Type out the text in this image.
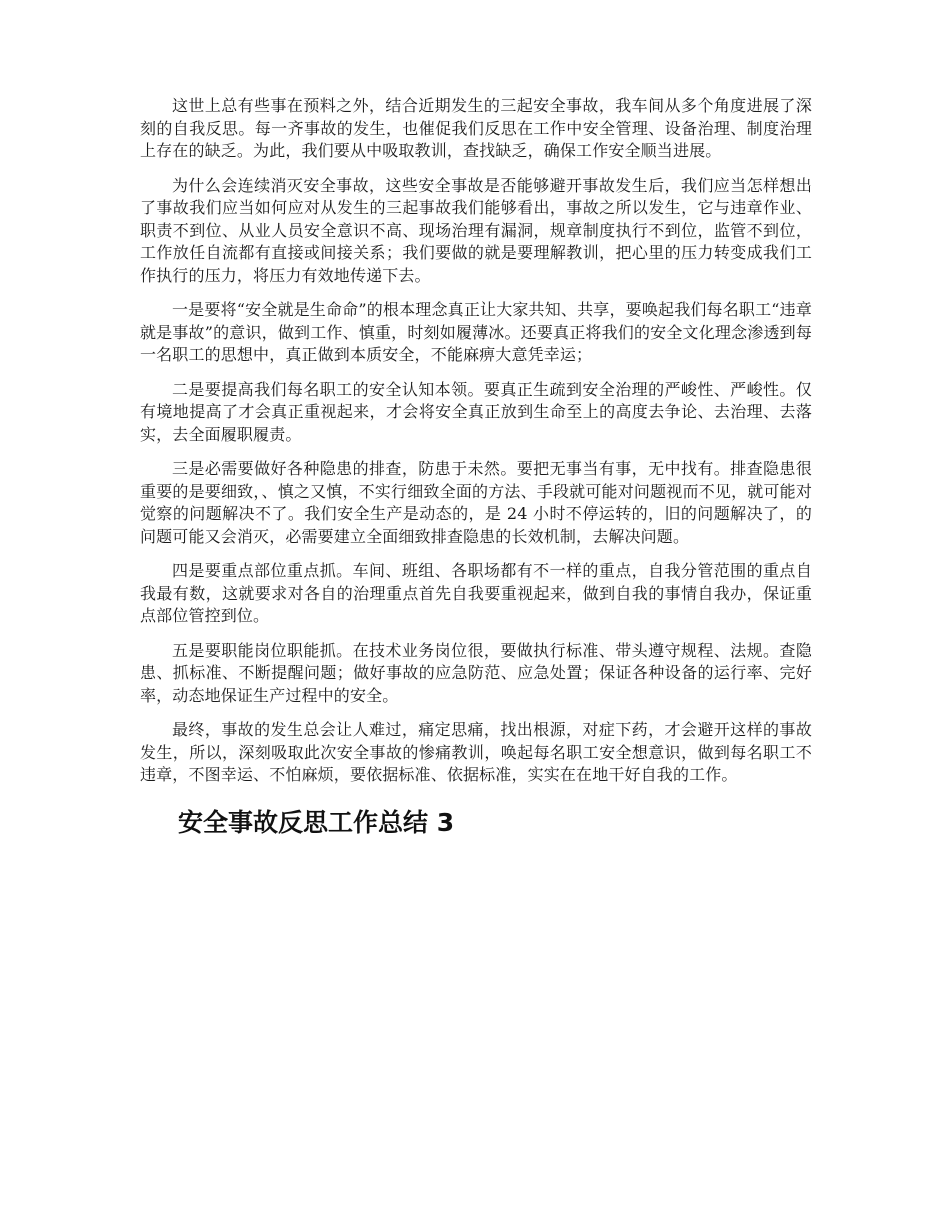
这世上总有些事在预料之外，结合近期发生的三起安全事故，我车间从多个角度进展了深刻的自我反思。每一齐事故的发生，也催促我们反思在工作中安全管理、设备治理、制度治理上存在的缺乏。为此，我们要从中吸取教训，查找缺乏，确保工作安全顺当进展。

为什么会连续消灭安全事故，这些安全事故是否能够避开事故发生后，我们应当怎样想出了事故我们应当如何应对从发生的三起事故我们能够看出，事故之所以发生，它与违章作业、职责不到位、从业人员安全意识不高、现场治理有漏洞，规章制度执行不到位，监管不到位，工作放任自流都有直接或间接关系；我们要做的就是要理解教训，把心里的压力转变成我们工作执行的压力，将压力有效地传递下去。

一是要将“安全就是生命命”的根本理念真正让大家共知、共享，要唤起我们每名职工“违章就是事故”的意识，做到工作、慎重，时刻如履薄冰。还要真正将我们的安全文化理念渗透到每一名职工的思想中，真正做到本质安全，不能麻痹大意凭幸运；

二是要提高我们每名职工的安全认知本领。要真正生疏到安全治理的严峻性、严峻性。仅有境地提高了才会真正重视起来，才会将安全真正放到生命至上的高度去争论、去治理、去落实，去全面履职履责。

三是必需要做好各种隐患的排查，防患于未然。要把无事当有事，无中找有。排查隐患很重要的是要细致，、慎之又慎，不实行细致全面的方法、手段就可能对问题视而不见，就可能对觉察的问题解决不了。我们安全生产是动态的，是 24 小时不停运转的，旧的问题解决了，的问题可能又会消灭，必需要建立全面细致排查隐患的长效机制，去解决问题。

四是要重点部位重点抓。车间、班组、各职场都有不一样的重点，自我分管范围的重点自我最有数，这就要求对各自的治理重点首先自我要重视起来，做到自我的事情自我办，保证重点部位管控到位。

五是要职能岗位职能抓。在技术业务岗位很，要做执行标准、带头遵守规程、法规。查隐患、抓标准、不断提醒问题；做好事故的应急防范、应急处置；保证各种设备的运行率、完好率，动态地保证生产过程中的安全。

最终，事故的发生总会让人难过，痛定思痛，找出根源，对症下药，才会避开这样的事故发生，所以，深刻吸取此次安全事故的惨痛教训，唤起每名职工安全想意识，做到每名职工不违章，不图幸运、不怕麻烦，要依据标准、依据标准，实实在在地干好自我的工作。

安全事故反思工作总结 3
